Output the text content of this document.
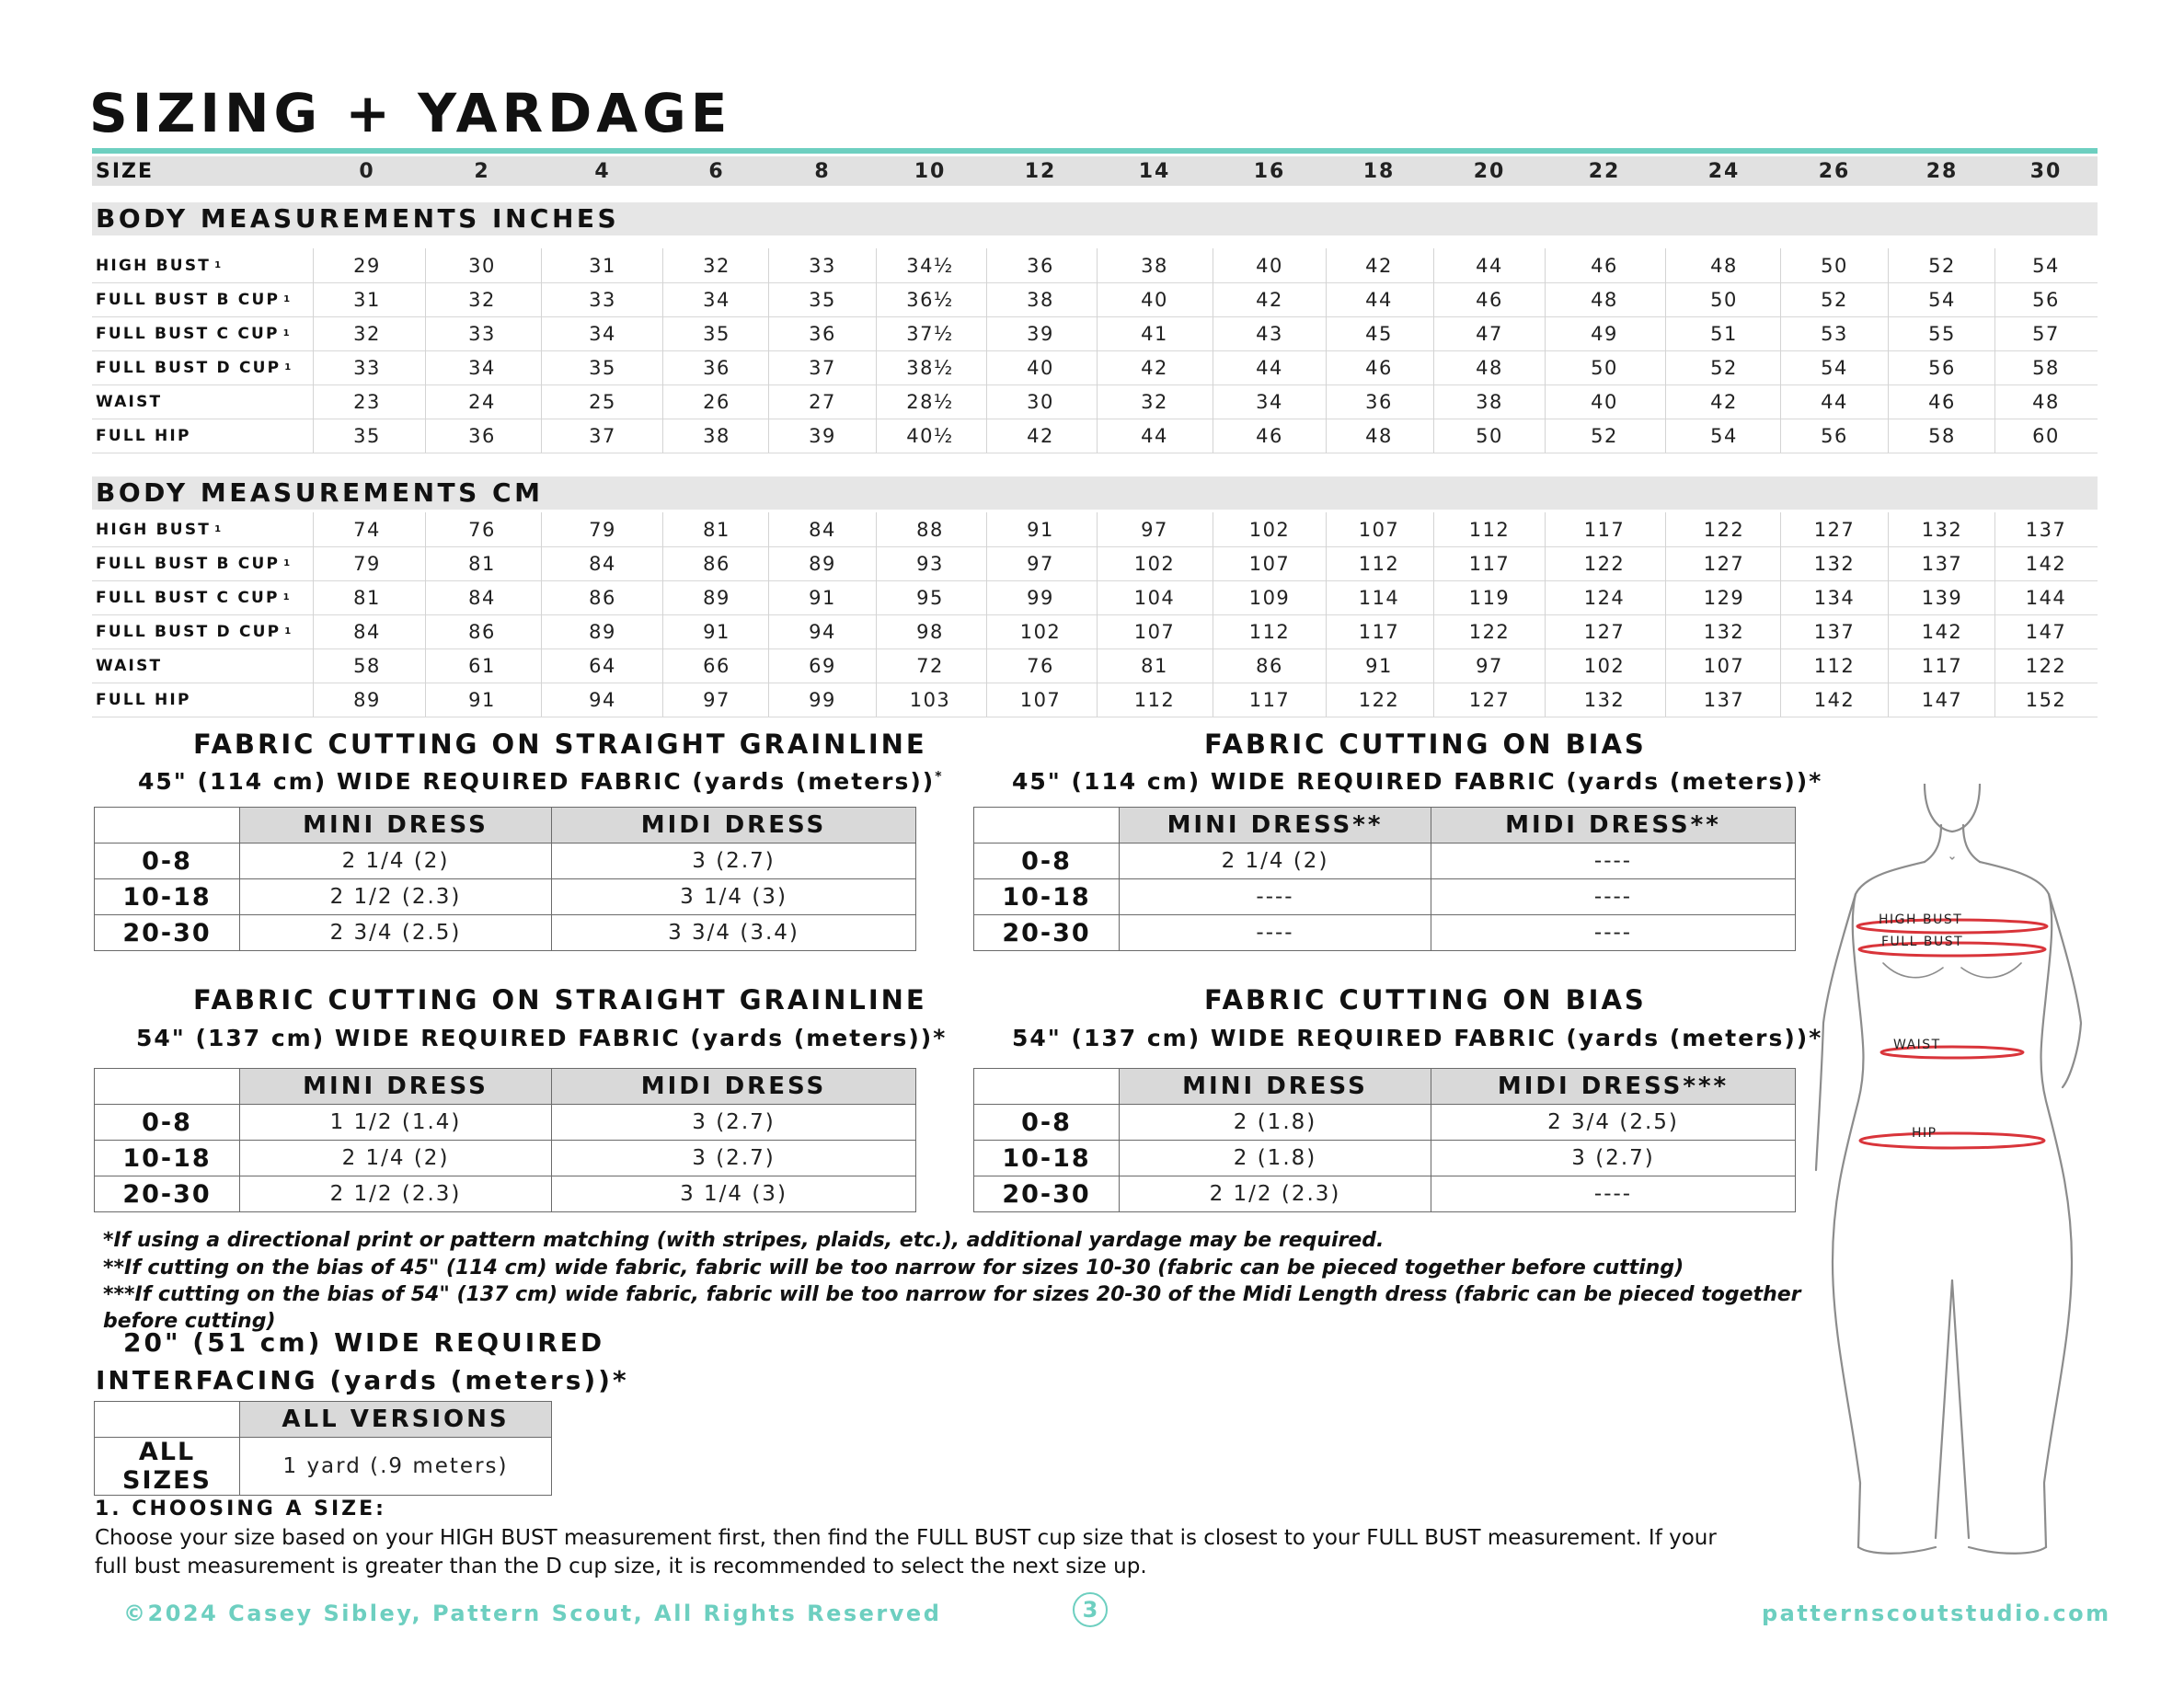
SIZING + YARDAGE
SIZE	0	2	4	6	8	10	12	14	16	18	20	22	24	26	28	30
BODY MEASUREMENTS INCHES
HIGH BUST 1	29	30	31	32	33	34½	36	38	40	42	44	46	48	50	52	54
FULL BUST B CUP 1	31	32	33	34	35	36½	38	40	42	44	46	48	50	52	54	56
FULL BUST C CUP 1	32	33	34	35	36	37½	39	41	43	45	47	49	51	53	55	57
FULL BUST D CUP 1	33	34	35	36	37	38½	40	42	44	46	48	50	52	54	56	58
WAIST	23	24	25	26	27	28½	30	32	34	36	38	40	42	44	46	48
FULL HIP	35	36	37	38	39	40½	42	44	46	48	50	52	54	56	58	60
BODY MEASUREMENTS CM
HIGH BUST 1	74	76	79	81	84	88	91	97	102	107	112	117	122	127	132	137
FULL BUST B CUP 1	79	81	84	86	89	93	97	102	107	112	117	122	127	132	137	142
FULL BUST C CUP 1	81	84	86	89	91	95	99	104	109	114	119	124	129	134	139	144
FULL BUST D CUP 1	84	86	89	91	94	98	102	107	112	117	122	127	132	137	142	147
WAIST	58	61	64	66	69	72	76	81	86	91	97	102	107	112	117	122
FULL HIP	89	91	94	97	99	103	107	112	117	122	127	132	137	142	147	152
FABRIC CUTTING ON STRAIGHT GRAINLINE
45" (114 cm) WIDE REQUIRED FABRIC (yards (meters))*
	MINI DRESS	MIDI DRESS
0-8	2 1/4 (2)	3 (2.7)
10-18	2 1/2 (2.3)	3 1/4 (3)
20-30	2 3/4 (2.5)	3 3/4 (3.4)
FABRIC CUTTING ON BIAS
45" (114 cm) WIDE REQUIRED FABRIC (yards (meters))*
	MINI DRESS**	MIDI DRESS**
0-8	2 1/4 (2)	----
10-18	----	----
20-30	----	----
FABRIC CUTTING ON STRAIGHT GRAINLINE
54" (137 cm) WIDE REQUIRED FABRIC (yards (meters))*
	MINI DRESS	MIDI DRESS
0-8	1 1/2 (1.4)	3 (2.7)
10-18	2 1/4 (2)	3 (2.7)
20-30	2 1/2 (2.3)	3 1/4 (3)
FABRIC CUTTING ON BIAS
54" (137 cm) WIDE REQUIRED FABRIC (yards (meters))*
	MINI DRESS	MIDI DRESS***
0-8	2 (1.8)	2 3/4 (2.5)
10-18	2 (1.8)	3 (2.7)
20-30	2 1/2 (2.3)	----
*If using a directional print or pattern matching (with stripes, plaids, etc.), additional yardage may be required.
**If cutting on the bias of 45" (114 cm) wide fabric, fabric will be too narrow for sizes 10-30 (fabric can be pieced together before cutting)
***If cutting on the bias of 54" (137 cm) wide fabric, fabric will be too narrow for sizes 20-30 of the Midi Length dress (fabric can be pieced together
before cutting)
20" (51 cm) WIDE REQUIRED
INTERFACING (yards (meters))*
	ALL VERSIONS
ALL SIZES	1 yard (.9 meters)
1. CHOOSING A SIZE:
Choose your size based on your HIGH BUST measurement first, then find the FULL BUST cup size that is closest to your FULL BUST measurement. If your full bust measurement is greater than the D cup size, it is recommended to select the next size up.
HIGH BUST
FULL BUST
WAIST
HIP
©2024 Casey Sibley, Pattern Scout, All Rights Reserved	3	patternscoutstudio.com
